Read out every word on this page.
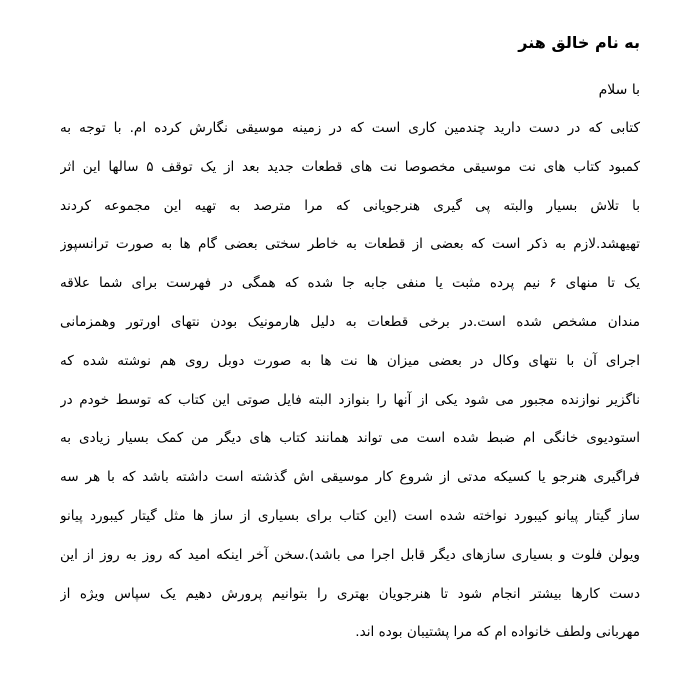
به نام خالق هنر

با سلام

کتابی که در دست دارید چندمین کاری است که در زمینه موسیقی نگارش کرده ام. با توجه به
کمبود کتاب های نت موسیقی مخصوصا نت های قطعات جدید بعد از یک توقف ۵ سالها این اثر
با تلاش بسیار والبته پی گیری هنرجویانی که مرا مترصد به تهیه این مجموعه کردند
تهیهشد.لازم به ذکر است که بعضی از قطعات به خاطر سختی بعضی گام ها به صورت ترانسپوز
یک تا منهای ۶ نیم پرده مثبت یا منفی جابه جا شده که همگی در فهرست برای شما علاقه
مندان مشخص شده است.در برخی قطعات به دلیل هارمونیک بودن نتهای اورتور وهمزمانی
اجرای آن با نتهای وکال در بعضی میزان ها نت ها به صورت دوبل روی هم نوشته شده که
ناگزیر نوازنده مجبور می شود یکی از آنها را بنوازد البته فایل صوتی این کتاب که توسط خودم در
استودیوی خانگی ام ضبط شده است می تواند همانند کتاب های دیگر من کمک بسیار زیادی به
فراگیری هنرجو یا کسیکه مدتی از شروع کار موسیقی اش گذشته است داشته باشد که با هر سه
ساز گیتار پیانو کیبورد نواخته شده است (این کتاب برای بسیاری از ساز ها مثل گیتار کیبورد پیانو
ویولن فلوت و بسیاری سازهای دیگر قابل اجرا می باشد).سخن آخر اینکه امید که روز به روز از این
دست کارها بیشتر انجام شود تا هنرجویان بهتری را بتوانیم پرورش دهیم یک سپاس ویژه از
مهربانی ولطف خانواده ام که مرا پشتیبان بوده اند.
